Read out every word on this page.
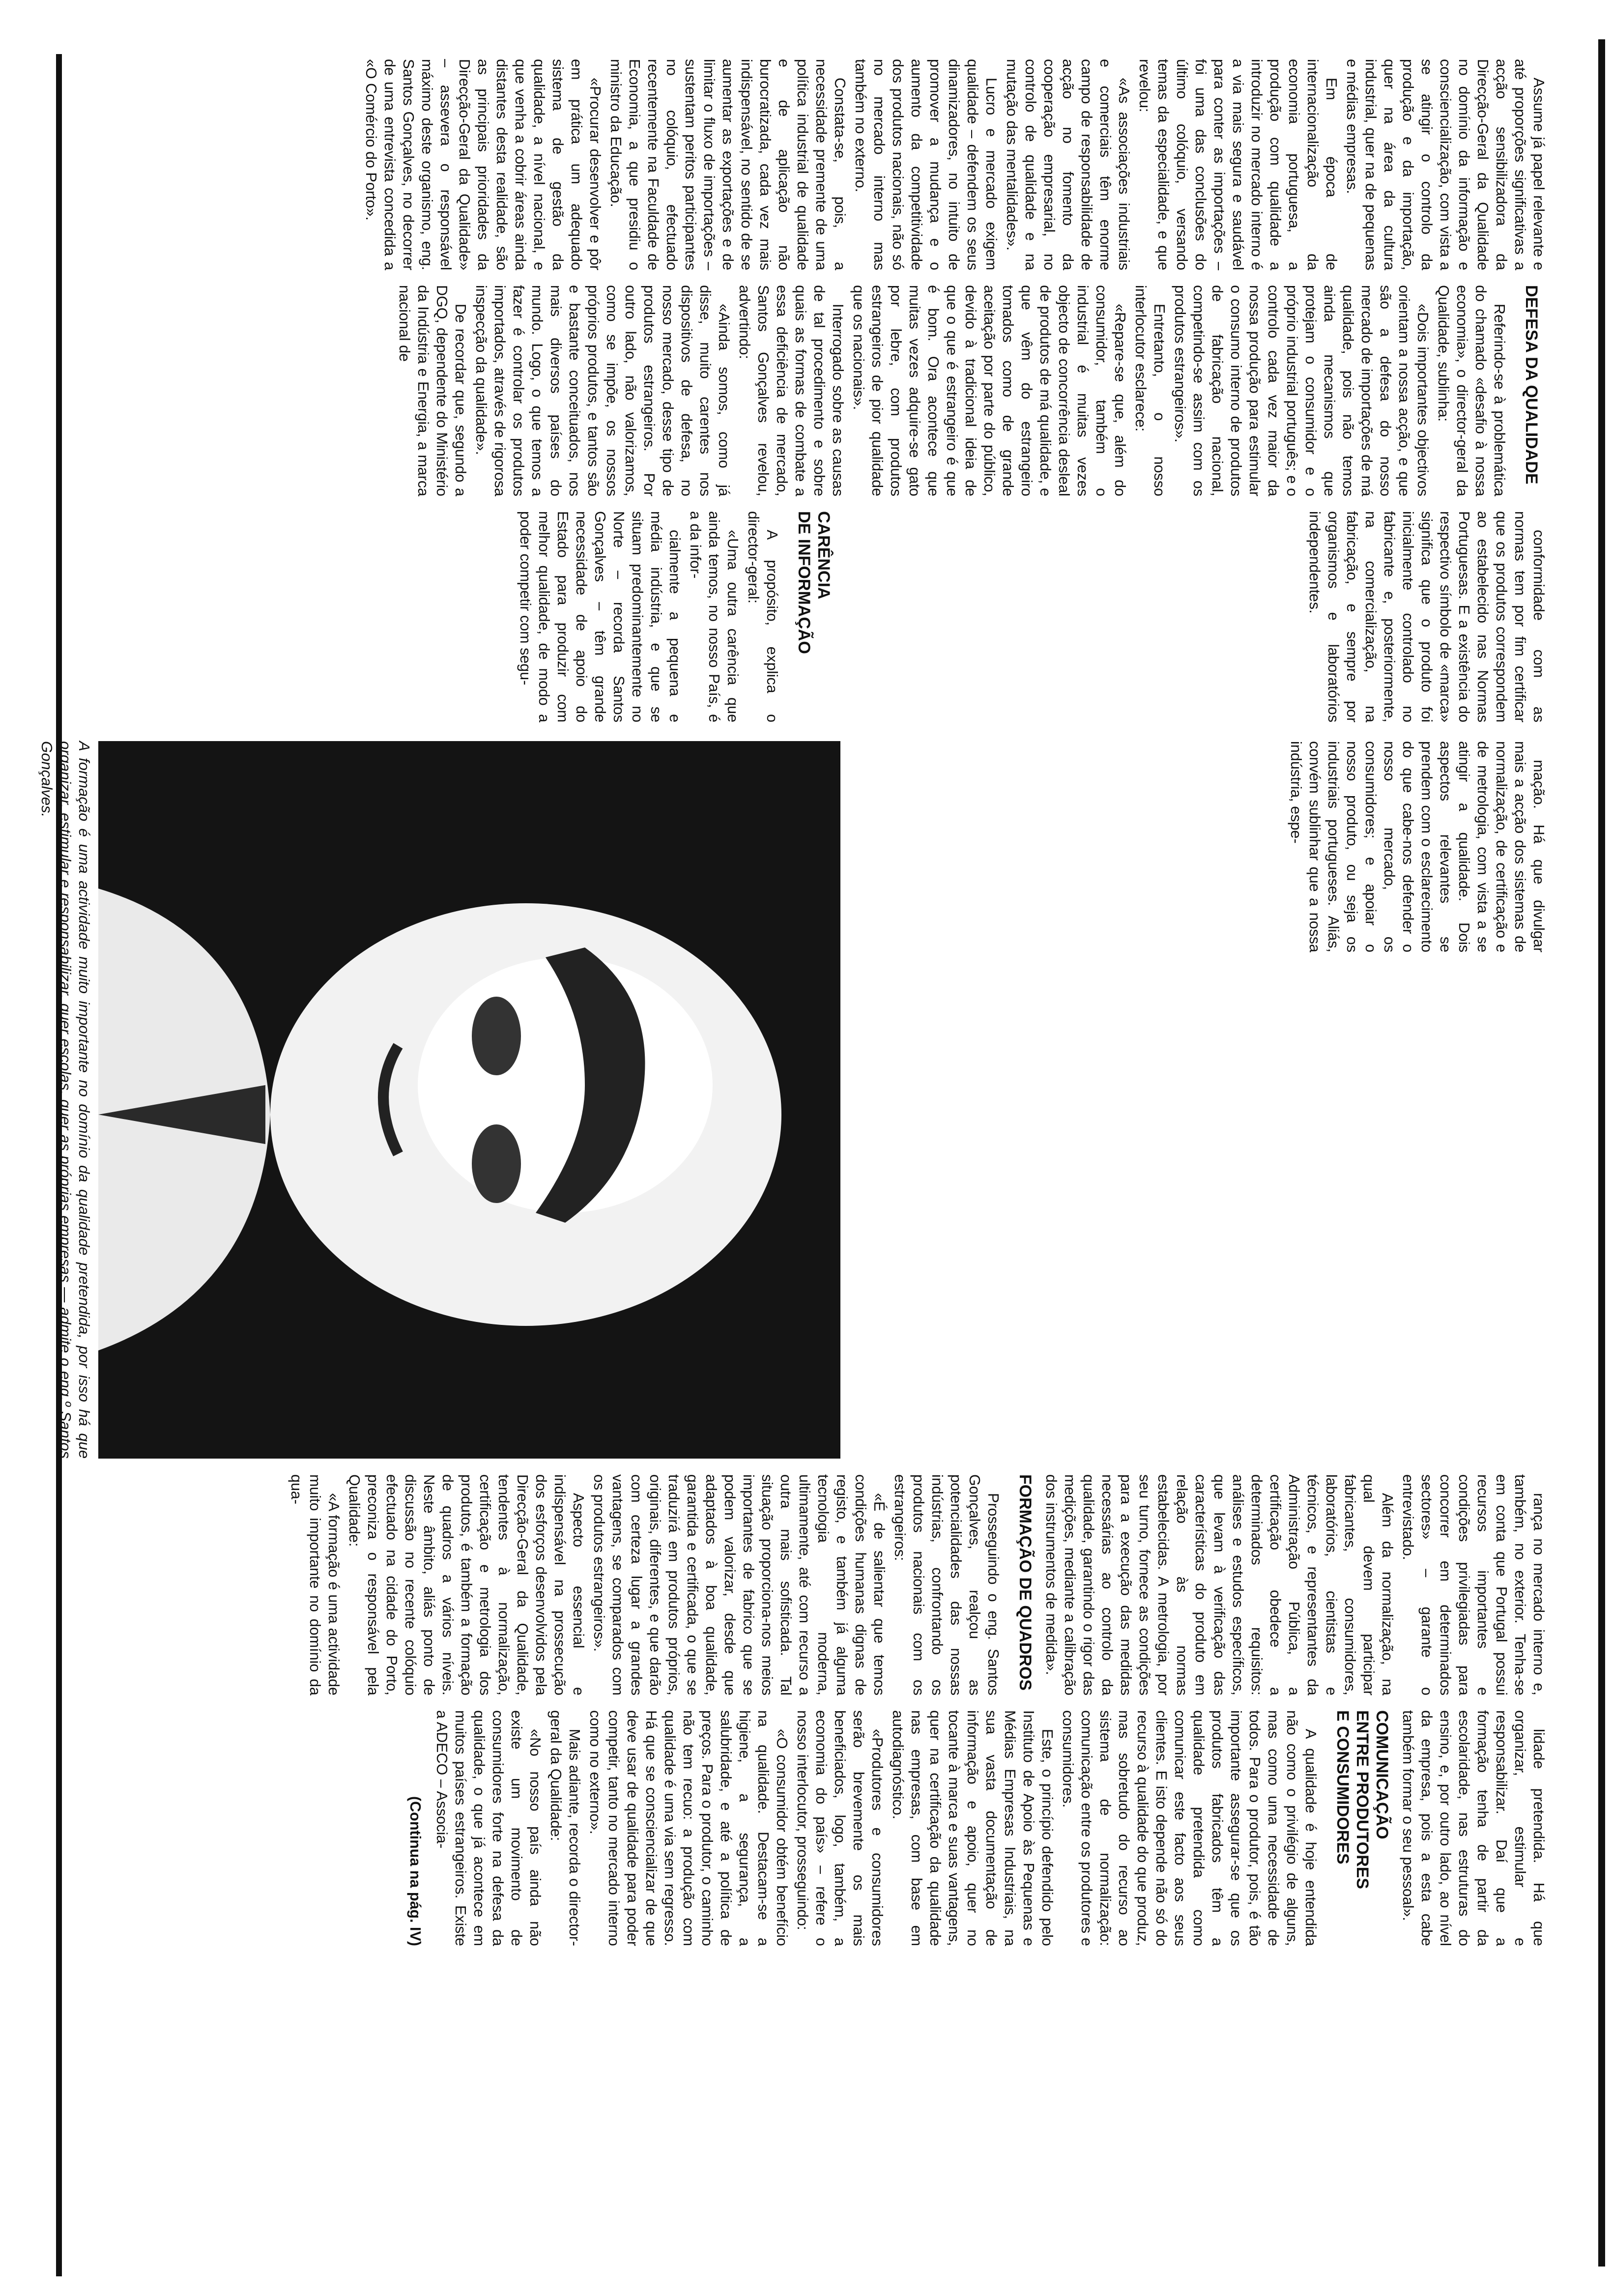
Assume já papel relevante e até proporções significativas a acção sensibilizadora da Direcção-Geral da Qualidade no domínio da informação e consciencialização, com vista a se atingir o controlo da produção e da importação, quer na área da cultura industrial, quer na de pequenas e médias empresas.

Em época de internacionalização da economia portuguesa, a produção com qualidade a introduzir no mercado interno é a via mais segura e saudável para conter as importações – foi uma das conclusões do último colóquio, versando temas da especialidade, e que revelou:

«As associações industriais e comerciais têm enorme campo de responsabilidade de acção no fomento da cooperação empresarial, no controlo de qualidade e na mutação das mentalidades».

Lucro e mercado exigem qualidade – defendem os seus dinamizadores, no intuito de promover a mudança e o aumento da competitividade dos produtos nacionais, não só no mercado interno mas também no externo.

Constata-se, pois, a necessidade premente de uma política industrial de qualidade e de aplicação não burocratizada, cada vez mais indispensável, no sentido de se aumentar as exportações e de limitar o fluxo de importações – sustentam peritos participantes no colóquio, efectuado recentemente na Faculdade de Economia, a que presidiu o ministro da Educação.

«Procurar desenvolver e pôr em prática um adequado sistema de gestão da qualidade, a nível nacional, e que venha a cobrir áreas ainda distantes desta realidade, são as principais prioridades da Direcção-Geral da Qualidade» – assevera o responsável máximo deste organismo, eng. Santos Gonçalves, no decorrer de uma entrevista concedida a «O Comércio do Porto».

DEFESA DA QUALIDADE

Referindo-se à problemática do chamado «desafio à nossa economia», o director-geral da Qualidade, sublinha:

«Dois importantes objectivos orientam a nossa acção, e que são a defesa do nosso mercado de importações de má qualidade, pois não temos ainda mecanismos que protejam o consumidor e o próprio industrial português; e o controlo cada vez maior da nossa produção para estimular o consumo interno de produtos de fabricação nacional, competindo-se assim com os produtos estrangeiros».

Entretanto, o nosso interlocutor esclarece:

«Repare-se que, além do consumidor, também o industrial é muitas vezes objecto de concorrência desleal de produtos de má qualidade, e que vêm do estrangeiro tomados como de grande aceitação por parte do público, devido à tradicional ideia de que o que é estrangeiro é que é bom. Ora acontece que muitas vezes adquire-se gato por lebre, com produtos estrangeiros de pior qualidade que os nacionais».

Interrogado sobre as causas de tal procedimento e sobre quais as formas de combate a essa deficiência de mercado, Santos Gonçalves revelou, advertindo:

«Ainda somos, como já disse, muito carentes nos dispositivos de defesa, no nosso mercado, desse tipo de produtos estrangeiros. Por outro lado, não valorizamos, como se impõe, os nossos próprios produtos, e tantos são e bastante conceituados, nos mais diversos países do mundo. Logo, o que temos a fazer é controlar os produtos importados, através de rigorosa inspecção da qualidade».

De recordar que, segundo a DGQ, dependente do Ministério da Indústria e Energia, a marca nacional de

conformidade com as normas tem por fim certificar que os produtos correspondem ao estabelecido nas Normas Portuguesas. E a existência do respectivo símbolo de «marca» significa que o produto foi inicialmente controlado no fabricante e, posteriormente, na comercialização, na fabricação, e sempre por organismos e laboratórios independentes.

CARÊNCIA
DE INFORMAÇÃO

A propósito, explica o director-geral:

«Uma outra carência que ainda temos, no nosso País, é a da infor-

cialmente a pequena e média indústria, e que se situam predominantemente no Norte – recorda Santos Gonçalves – têm grande necessidade de apoio do Estado para produzir com melhor qualidade, de modo a poder competir com segu-

mação. Há que divulgar mais a acção dos sistemas de normalização, de certificação e de metrologia, com vista a se atingir a qualidade. Dois aspectos relevantes se prendem com o esclarecimento do que cabe-nos defender o nosso mercado, os consumidores; e apoiar o nosso produto, ou seja os industriais portugueses. Aliás, convém sublinhar que a nossa indústria, espe-

A formação é uma actividade muito importante no domínio da qualidade pretendida, por isso há que organizar, estimular e responsabilizar, quer escolas, quer as próprias empresas — admite o eng.º Santos Gonçalves.

rança no mercado interno e, também, no exterior. Tenha-se em conta que Portugal possui recursos importantes e condições privilegiadas para concorrer em determinados sectores» – garante o entrevistado.

Além da normalização, na qual devem participar fabricantes, consumidores, laboratórios, cientistas e técnicos, e representantes da Administração Pública, a certificação obedece a determinados requisitos: análises e estudos específicos, que levam à verificação das características do produto em relação às normas estabelecidas. A metrologia, por seu turno, fornece as condições para a execução das medidas necessárias ao controlo da qualidade, garantindo o rigor das medições, mediante a calibração dos instrumentos de medida».

FORMAÇÃO DE QUADROS

Prosseguindo o eng. Santos Gonçalves, realçou as potencialidades das nossas indústrias, confrontando os produtos nacionais com os estrangeiros:

«É de salientar que temos condições humanas dignas de registo, e também já alguma tecnologia moderna, ultimamente, até com recurso a outra mais sofisticada. Tal situação proporciona-nos meios importantes de fabrico que se podem valorizar, desde que adaptados à boa qualidade, garantida e certificada, o que se traduzirá em produtos próprios, originais, diferentes, e que darão com certeza lugar a grandes vantagens, se comparados com os produtos estrangeiros».

Aspecto essencial e indispensável na prossecução dos esforços desenvolvidos pela Direcção-Geral da Qualidade, tendentes à normalização, certificação e metrologia dos produtos, é também a formação de quadros a vários níveis. Neste âmbito, aliás ponto de discussão no recente colóquio efectuado na cidade do Porto, preconiza o responsável pela Qualidade:

«A formação é uma actividade muito importante no domínio da qua-

lidade pretendida. Há que organizar, estimular e responsabilizar. Daí que a formação tenha de partir da escolaridade, nas estruturas do ensino, e, por outro lado, ao nível da empresa, pois a esta cabe também formar o seu pessoal».

COMUNICAÇÃO
ENTRE PRODUTORES
E CONSUMIDORES

A qualidade é hoje entendida não como o privilégio de alguns, mas como uma necessidade de todos. Para o produtor, pois, é tão importante assegurar-se que os produtos fabricados têm a qualidade pretendida como comunicar este facto aos seus clientes. E isto depende não só do recurso à qualidade do que produz, mas sobretudo do recurso ao sistema de normalização: comunicação entre os produtores e consumidores.

Este, o princípio defendido pelo Instituto de Apoio às Pequenas e Médias Empresas Industriais, na sua vasta documentação de informação e apoio, quer no tocante à marca e suas vantagens, quer na certificação da qualidade nas empresas, com base em autodiagnóstico.

«Produtores e consumidores serão brevemente os mais beneficiados, logo, também, a economia do país» – refere o nosso interlocutor, prosseguindo:

«O consumidor obtém benefício na qualidade. Destacam-se a higiene, a segurança, a salubridade, e até a política de preços. Para o produtor, o caminho não tem recuo: a produção com qualidade é uma via sem regresso. Há que se consciencializar de que deve usar de qualidade para poder competir, tanto no mercado interno como no externo».

Mais adiante, recorda o director-geral da Qualidade:

«No nosso país ainda não existe um movimento de consumidores forte na defesa da qualidade, o que já acontece em muitos países estrangeiros. Existe a ADECO – Associa-

(Continua na pág. IV)
